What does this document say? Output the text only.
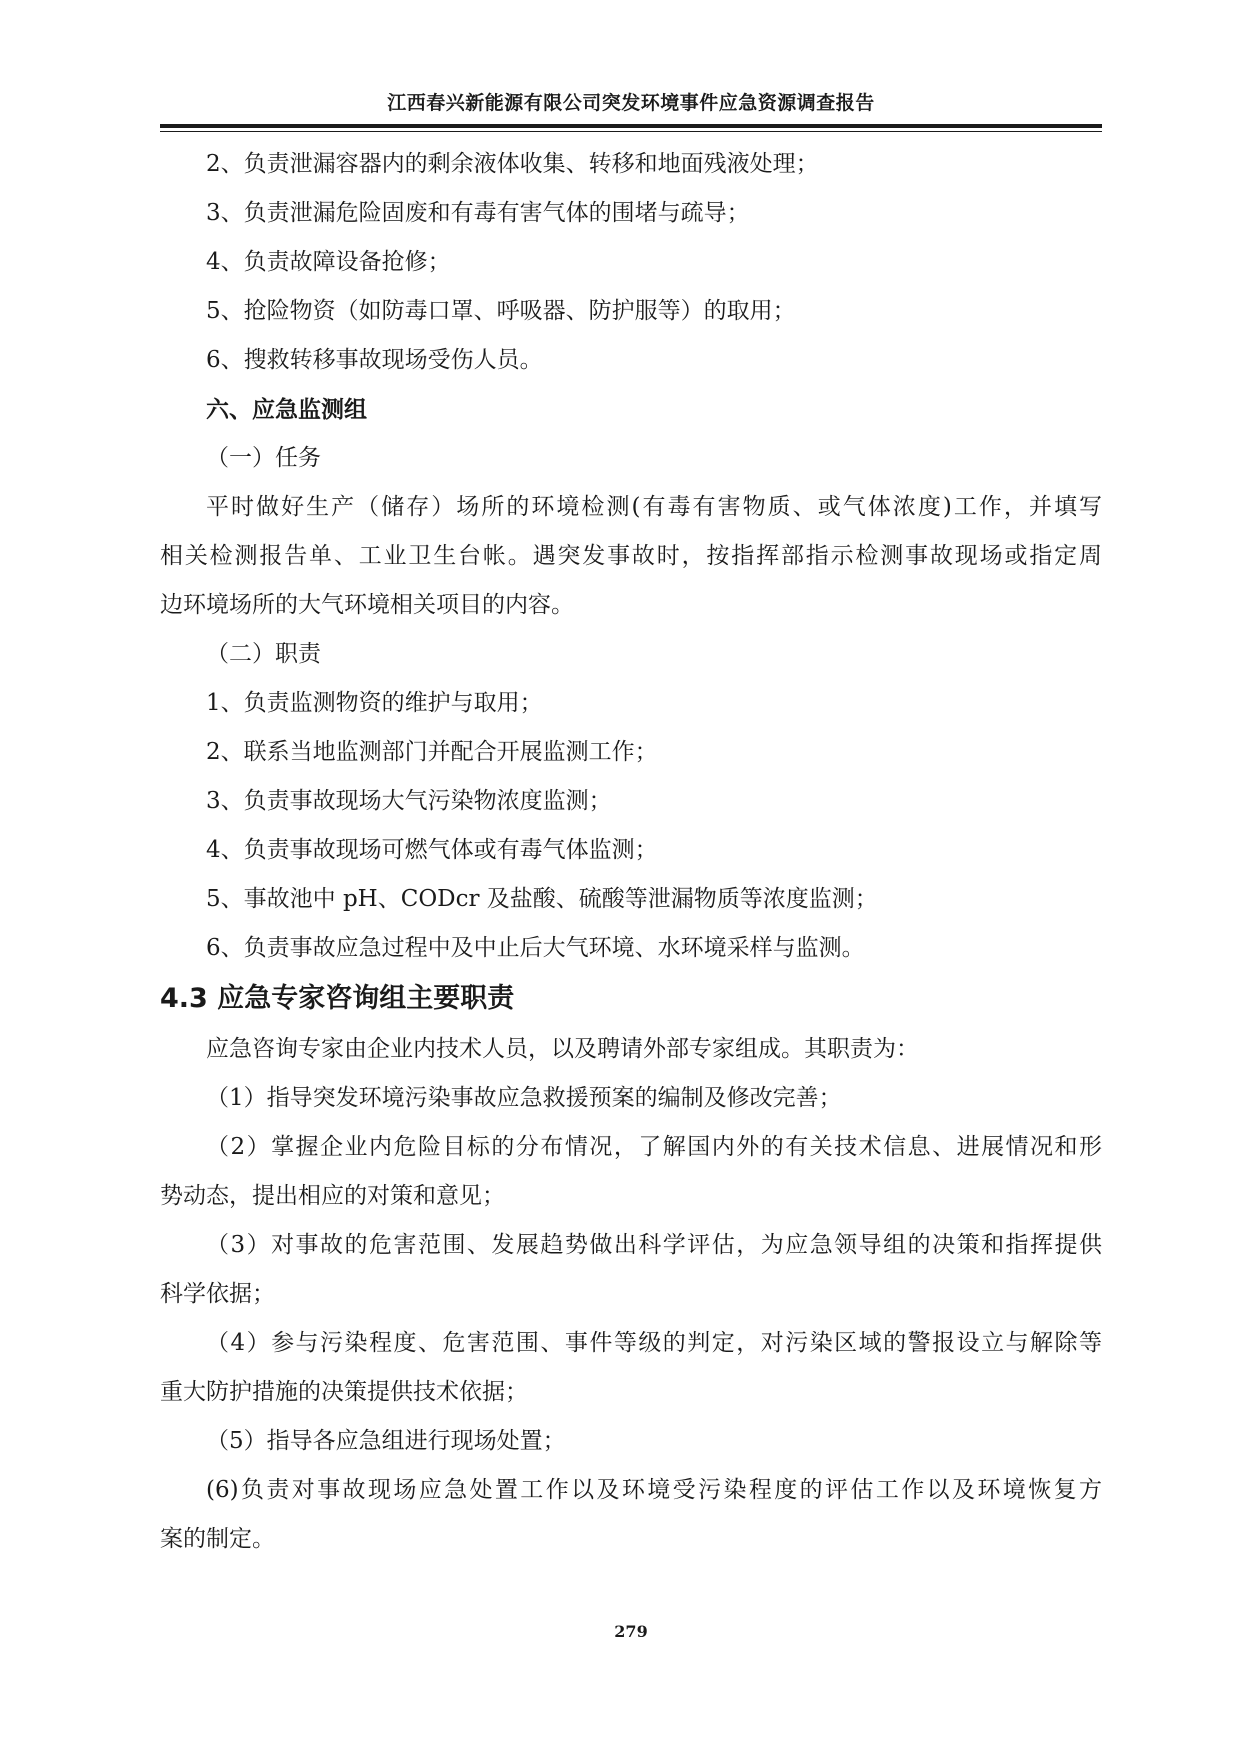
江西春兴新能源有限公司突发环境事件应急资源调查报告
2、负责泄漏容器内的剩余液体收集、转移和地面残液处理；
3、负责泄漏危险固废和有毒有害气体的围堵与疏导；
4、负责故障设备抢修；
5、抢险物资（如防毒口罩、呼吸器、防护服等）的取用；
6、搜救转移事故现场受伤人员。
六、应急监测组
（一）任务
平时做好生产（储存）场所的环境检测(有毒有害物质、或气体浓度)工作，并填写
相关检测报告单、工业卫生台帐。遇突发事故时，按指挥部指示检测事故现场或指定周
边环境场所的大气环境相关项目的内容。
（二）职责
1、负责监测物资的维护与取用；
2、联系当地监测部门并配合开展监测工作；
3、负责事故现场大气污染物浓度监测；
4、负责事故现场可燃气体或有毒气体监测；
5、事故池中 pH、CODcr 及盐酸、硫酸等泄漏物质等浓度监测；
6、负责事故应急过程中及中止后大气环境、水环境采样与监测。
4.3 应急专家咨询组主要职责
应急咨询专家由企业内技术人员，以及聘请外部专家组成。其职责为：
（1）指导突发环境污染事故应急救援预案的编制及修改完善；
（2）掌握企业内危险目标的分布情况，了解国内外的有关技术信息、进展情况和形
势动态，提出相应的对策和意见；
（3）对事故的危害范围、发展趋势做出科学评估，为应急领导组的决策和指挥提供
科学依据；
（4）参与污染程度、危害范围、事件等级的判定，对污染区域的警报设立与解除等
重大防护措施的决策提供技术依据；
（5）指导各应急组进行现场处置；
(6)负责对事故现场应急处置工作以及环境受污染程度的评估工作以及环境恢复方
案的制定。
279
